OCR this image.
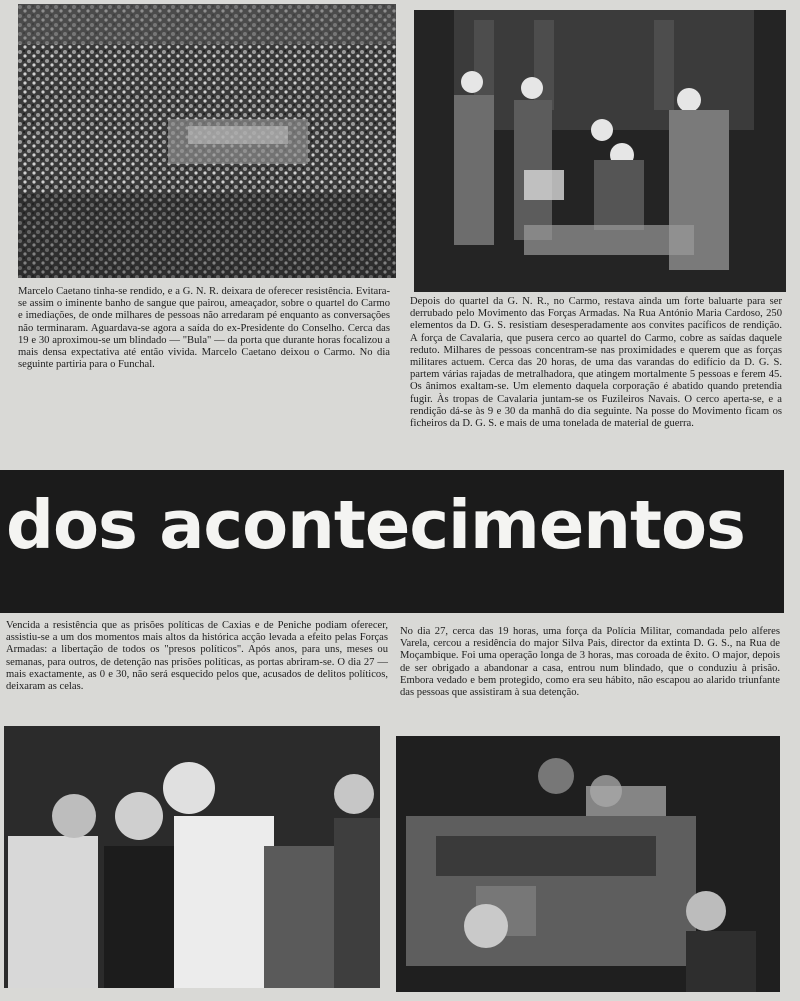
Marcelo Caetano tinha-se rendido, e a G. N. R. deixara de oferecer resistência. Evitara-se assim o iminente banho de sangue que pairou, ameaçador, sobre o quartel do Carmo e imediações, de onde milhares de pessoas não arredaram pé enquanto as conversações não terminaram. Aguardava-se agora a saída do ex-Presidente do Conselho. Cerca das 19 e 30 aproximou-se um blindado — "Bula" — da porta que durante horas focalizou a mais densa expectativa até então vivida. Marcelo Caetano deixou o Carmo. No dia seguinte partiria para o Funchal.

Depois do quartel da G. N. R., no Carmo, restava ainda um forte baluarte para ser derrubado pelo Movimento das Forças Armadas. Na Rua António Maria Cardoso, 250 elementos da D. G. S. resistiam desesperadamente aos convites pacíficos de rendição. A força de Cavalaria, que pusera cerco ao quartel do Carmo, cobre as saídas daquele reduto. Milhares de pessoas concentram-se nas proximidades e querem que as forças militares actuem. Cerca das 20 horas, de uma das varandas do edifício da D. G. S. partem várias rajadas de metralhadora, que atingem mortalmente 5 pessoas e ferem 45. Os ânimos exaltam-se. Um elemento daquela corporação é abatido quando pretendia fugir. Às tropas de Cavalaria juntam-se os Fuzileiros Navais. O cerco aperta-se, e a rendição dá-se às 9 e 30 da manhã do dia seguinte. Na posse do Movimento ficam os ficheiros da D. G. S. e mais de uma tonelada de material de guerra.

dos acontecimentos

Vencida a resistência que as prisões políticas de Caxias e de Peniche podiam oferecer, assistiu-se a um dos momentos mais altos da histórica acção levada a efeito pelas Forças Armadas: a libertação de todos os "presos políticos". Após anos, para uns, meses ou semanas, para outros, de detenção nas prisões políticas, as portas abriram-se. O dia 27 — mais exactamente, as 0 e 30, não será esquecido pelos que, acusados de delitos políticos, deixaram as celas.

No dia 27, cerca das 19 horas, uma força da Polícia Militar, comandada pelo alferes Varela, cercou a residência do major Silva Pais, director da extinta D. G. S., na Rua de Moçambique. Foi uma operação longa de 3 horas, mas coroada de êxito. O major, depois de ser obrigado a abandonar a casa, entrou num blindado, que o conduziu à prisão. Embora vedado e bem protegido, como era seu hábito, não escapou ao alarido triunfante das pessoas que assistiram à sua detenção.
